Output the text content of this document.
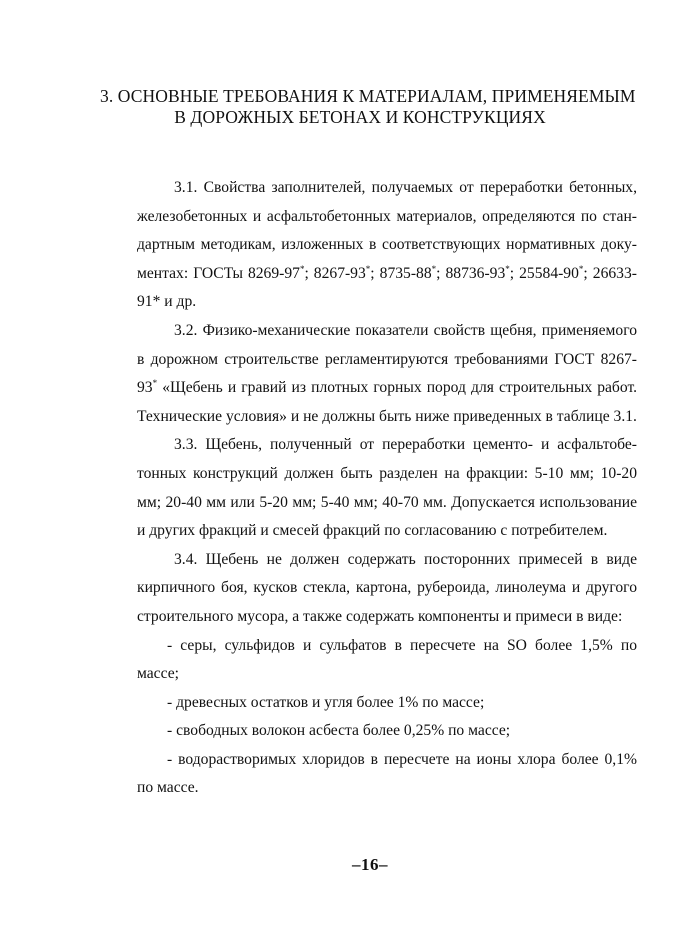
3. ОСНОВНЫЕ ТРЕБОВАНИЯ К МАТЕРИАЛАМ, ПРИМЕНЯЕМЫМ
В ДОРОЖНЫХ БЕТОНАХ И КОНСТРУКЦИЯХ
3.1. Свойства заполнителей, получаемых от переработки бетонных,
железобетонных и асфальтобетонных материалов, определяются по стан-
дартным методикам, изложенных в соответствующих нормативных доку-
ментах: ГОСТы 8269-97*; 8267-93*; 8735-88*; 88736-93*; 25584-90*; 26633-
91* и др.
3.2. Физико-механические показатели свойств щебня, применяемого
в дорожном строительстве регламентируются требованиями ГОСТ 8267-
93* «Щебень и гравий из плотных горных пород для строительных работ.
Технические условия» и не должны быть ниже приведенных в таблице 3.1.
3.3. Щебень, полученный от переработки цементо- и асфальтобе-
тонных конструкций должен быть разделен на фракции: 5-10 мм; 10-20
мм; 20-40 мм или 5-20 мм; 5-40 мм; 40-70 мм. Допускается использование
и других фракций и смесей фракций по согласованию с потребителем.
3.4. Щебень не должен содержать посторонних примесей в виде
кирпичного боя, кусков стекла, картона, рубероида, линолеума и другого
строительного мусора, а также содержать компоненты и примеси в виде:
- серы, сульфидов и сульфатов в пересчете на SO более 1,5% по
массе;
- древесных остатков и угля более 1% по массе;
- свободных волокон асбеста более 0,25% по массе;
- водорастворимых хлоридов в пересчете на ионы хлора более 0,1%
по массе.
–16–
